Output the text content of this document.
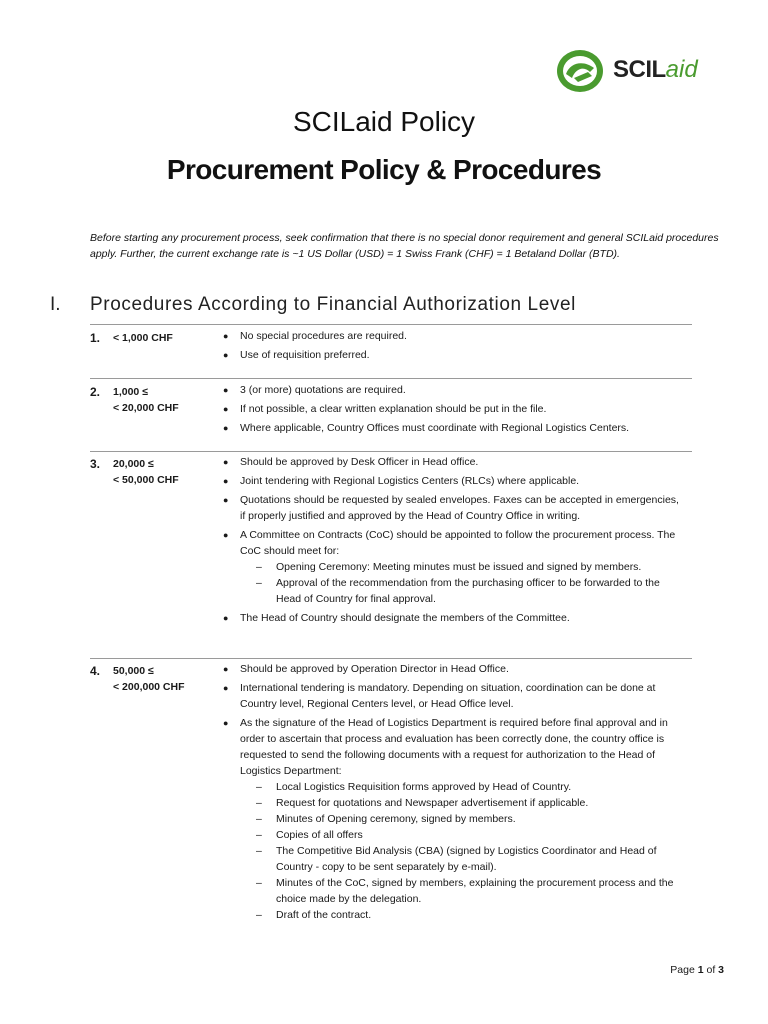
SCILaid
SCILaid Policy
Procurement Policy & Procedures
Before starting any procurement process, seek confirmation that there is no special donor requirement and general SCILaid procedures apply. Further, the current exchange rate is ~1 US Dollar (USD) = 1 Swiss Frank (CHF) = 1 Betaland Dollar (BTD).
I. Procedures According to Financial Authorization Level
1. < 1,000 CHF	● No special procedures are required.
● Use of requisition preferred.
2. 1,000 ≤
< 20,000 CHF
● 3 (or more) quotations are required.
● If not possible, a clear written explanation should be put in the file.
● Where applicable, Country Offices must coordinate with Regional Logistics Centers.
3. 20,000 ≤
< 50,000 CHF
● Should be approved by Desk Officer in Head office.
● Joint tendering with Regional Logistics Centers (RLCs) where applicable.
● Quotations should be requested by sealed envelopes. Faxes can be accepted in emergencies, if properly justified and approved by the Head of Country Office in writing.
● A Committee on Contracts (CoC) should be appointed to follow the procurement process. The CoC should meet for:
– Opening Ceremony: Meeting minutes must be issued and signed by members.
– Approval of the recommendation from the purchasing officer to be forwarded to the Head of Country for final approval.
● The Head of Country should designate the members of the Committee.
4. 50,000 ≤
< 200,000 CHF
● Should be approved by Operation Director in Head Office.
● International tendering is mandatory. Depending on situation, coordination can be done at Country level, Regional Centers level, or Head Office level.
● As the signature of the Head of Logistics Department is required before final approval and in order to ascertain that process and evaluation has been correctly done, the country office is requested to send the following documents with a request for authorization to the Head of Logistics Department:
– Local Logistics Requisition forms approved by Head of Country.
– Request for quotations and Newspaper advertisement if applicable.
– Minutes of Opening ceremony, signed by members.
– Copies of all offers
– The Competitive Bid Analysis (CBA) (signed by Logistics Coordinator and Head of Country - copy to be sent separately by e-mail).
– Minutes of the CoC, signed by members, explaining the procurement process and the choice made by the delegation.
– Draft of the contract.
Page 1 of 3
